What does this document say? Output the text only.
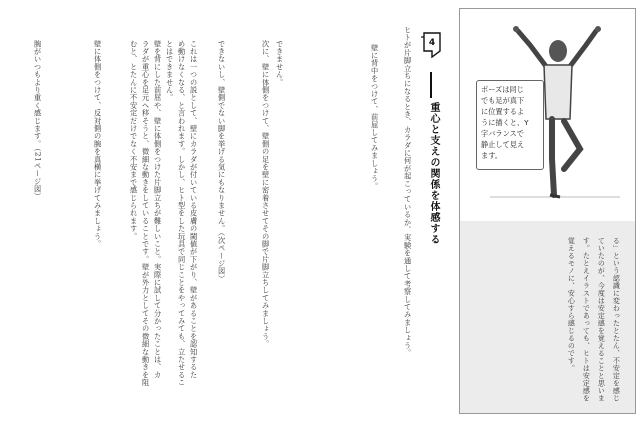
ヒトが片脚立ちになるとき、カラダに何が起こっているか、実験を通して考察してみましょう。
壁に背中をつけて、前屈してみましょう。
できません。
次に、壁に体側をつけて、壁側の足を壁に密着させてその脚で片脚立ちしてみましょう。
できないし、壁側でない脚を挙げる気にもなりません。（次ページ図）
これは一つの説として、壁にカラダが付いている皮膚の閾値が下がり、壁があることを認知するた
め動けなくなる、と言われます。しかし、ヒト型をした玩具で同じことをやってみても、立たせるこ
とはできません。
壁を背にした前屈や、壁に体側をつけた片脚立ちが難しいこと。実際に試して分かったことは、カ
ラダが重心を足元へ移そうと、微細な動きをしていることです。壁が外力としてその微細な動きを阻
むと、とたんに不安定だけでなく不安まで感じられます。
壁に体側をつけて、反対側の腕を真横に挙げてみましょう。
腕がいつもより重く感じます。（21ページ図）	4
重心と支えの関係を体感する
る」という認識に変わったとたん、不安定を感じ
ていたのが、今度は安定感を覚えることと思いま
す。たとえイラストであっても、ヒトは安定感を
覚えるモノに、安心すら感じるのです。
ポーズは同じ
でも足が真下
に位置するよ
うに描くと、Y
字バランスで
静止して見え
ます。
